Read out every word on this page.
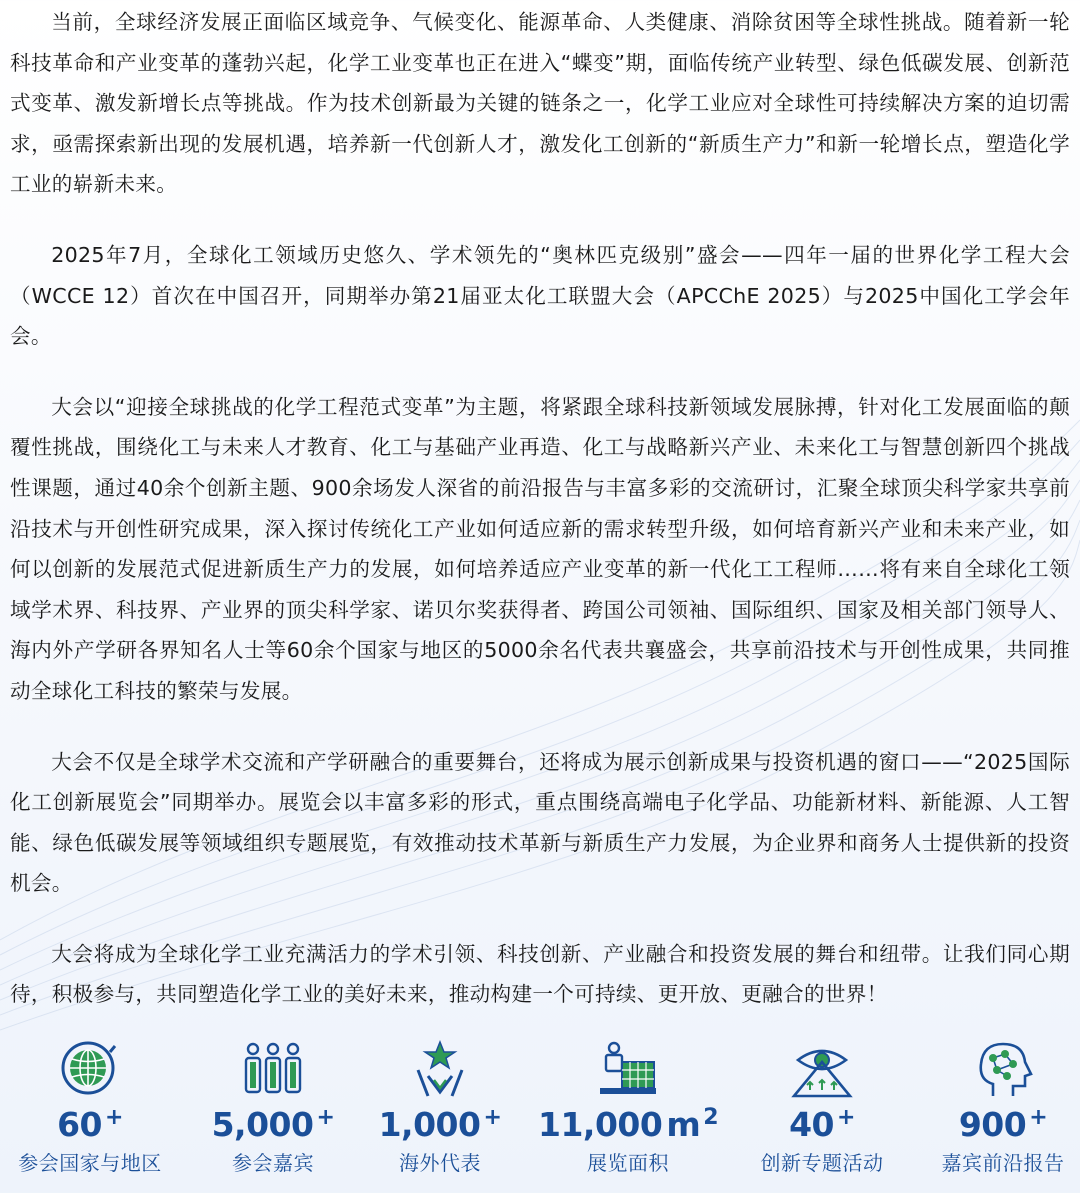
当前，全球经济发展正面临区域竞争、气候变化、能源革命、人类健康、消除贫困等全球性挑战。随着新一轮科技革命和产业变革的蓬勃兴起，化学工业变革也正在进入“蝶变”期，面临传统产业转型、绿色低碳发展、创新范式变革、激发新增长点等挑战。作为技术创新最为关键的链条之一，化学工业应对全球性可持续解决方案的迫切需求，亟需探索新出现的发展机遇，培养新一代创新人才，激发化工创新的“新质生产力”和新一轮增长点，塑造化学工业的崭新未来。

2025年7月，全球化工领域历史悠久、学术领先的“奥林匹克级别”盛会——四年一届的世界化学工程大会（WCCE 12）首次在中国召开，同期举办第21届亚太化工联盟大会（APCChE 2025）与2025中国化工学会年会。

大会以“迎接全球挑战的化学工程范式变革”为主题，将紧跟全球科技新领域发展脉搏，针对化工发展面临的颠覆性挑战，围绕化工与未来人才教育、化工与基础产业再造、化工与战略新兴产业、未来化工与智慧创新四个挑战性课题，通过40余个创新主题、900余场发人深省的前沿报告与丰富多彩的交流研讨，汇聚全球顶尖科学家共享前沿技术与开创性研究成果，深入探讨传统化工产业如何适应新的需求转型升级，如何培育新兴产业和未来产业，如何以创新的发展范式促进新质生产力的发展，如何培养适应产业变革的新一代化工工程师……将有来自全球化工领域学术界、科技界、产业界的顶尖科学家、诺贝尔奖获得者、跨国公司领袖、国际组织、国家及相关部门领导人、海内外产学研各界知名人士等60余个国家与地区的5000余名代表共襄盛会，共享前沿技术与开创性成果，共同推动全球化工科技的繁荣与发展。

大会不仅是全球学术交流和产学研融合的重要舞台，还将成为展示创新成果与投资机遇的窗口——“2025国际化工创新展览会”同期举办。展览会以丰富多彩的形式，重点围绕高端电子化学品、功能新材料、新能源、人工智能、绿色低碳发展等领域组织专题展览，有效推动技术革新与新质生产力发展，为企业界和商务人士提供新的投资机会。

大会将成为全球化学工业充满活力的学术引领、科技创新、产业融合和投资发展的舞台和纽带。让我们同心期待，积极参与，共同塑造化学工业的美好未来，推动构建一个可持续、更开放、更融合的世界！

60 +
参会国家与地区
5,000 +
参会嘉宾
1,000 +
海外代表
11,000 m $^2$
展览面积
40 +
创新专题活动
900 +
嘉宾前沿报告
